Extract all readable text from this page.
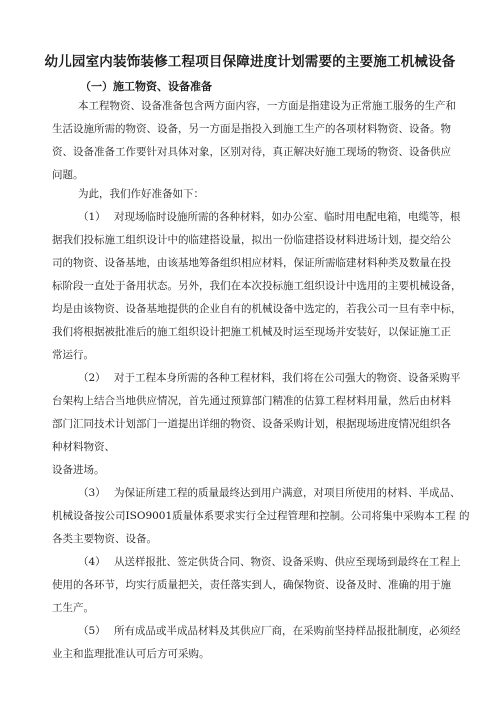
幼儿园室内装饰装修工程项目保障进度计划需要的主要施工机械设备
（一）施工物资、设备准备
本工程物资、设备准备包含两方面内容，一方面是指建设为正常施工服务的生产和
生活设施所需的物资、设备，另一方面是指投入到施工生产的各项材料物资、设备。物
资、设备准备工作要针对具体对象，区别对待，真正解决好施工现场的物资、设备供应
问题。
为此，我们作好准备如下：
（1） 对现场临时设施所需的各种材料，如办公室、临时用电配电箱，电缆等，根
据我们投标施工组织设计中的临建搭设量，拟出一份临建搭设材料进场计划，提交给公
司的物资、设备基地，由该基地筹备组织相应材料，保证所需临建材料种类及数量在投
标阶段一直处于备用状态。另外，我们在本次投标施工组织设计中选用的主要机械设备，
均是由该物资、设备基地提供的企业自有的机械设备中选定的，若我公司一旦有幸中标，
我们将根据被批准后的施工组织设计把施工机械及时运至现场并安装好，以保证施工正
常运行。
（2） 对于工程本身所需的各种工程材料，我们将在公司强大的物资、设备采购平
台架构上结合当地供应情况，首先通过预算部门精准的估算工程材料用量，然后由材料
部门汇同技术计划部门一道提出详细的物资、设备采购计划，根据现场进度情况组织各
种材料物资、
设备进场。
（3） 为保证所建工程的质量最终达到用户满意，对项目所使用的材料、半成品、
机械设备按公司ISO9001质量体系要求实行全过程管理和控制。公司将集中采购本工程 的
各类主要物资、设备。
（4） 从送样报批、签定供货合同、物资、设备采购、供应至现场到最终在工程上
使用的各环节，均实行质量把关，责任落实到人，确保物资、设备及时、准确的用于施
工生产。
（5） 所有成品或半成品材料及其供应厂商，在采购前坚持样品报批制度，必须经
业主和监理批准认可后方可采购。
